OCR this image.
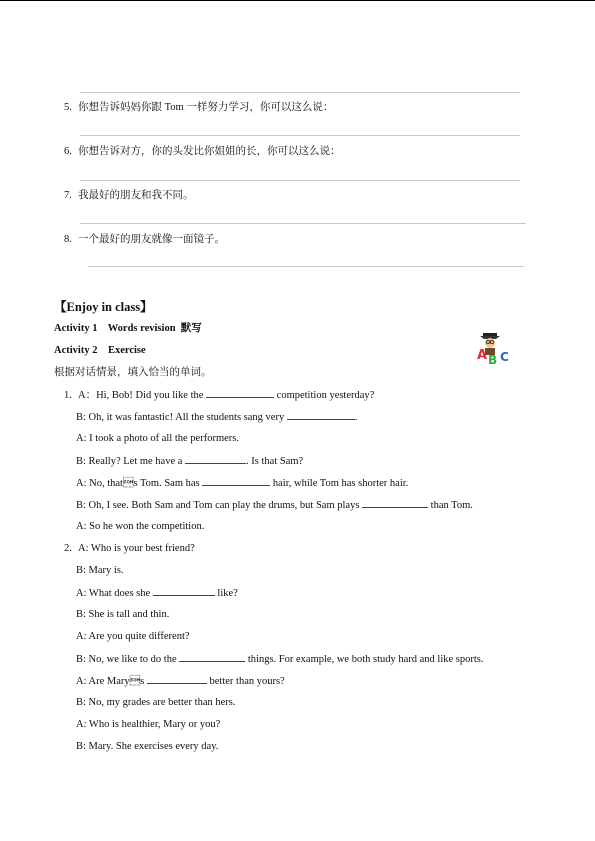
5. 你想告诉妈妈你跟 Tom 一样努力学习，你可以这么说：
6. 你想告诉对方，你的头发比你姐姐的长，你可以这么说：
7. 我最好的朋友和我不同。
8. 一个最好的朋友就像一面镜子。
【Enjoy in class】
Activity 1    Words revision  默写
Activity 2    Exercise
根据对话情景，填入恰当的单词。
A B C
1. A：Hi, Bob! Did you like the	competition yesterday?
B: Oh, it was fantastic! All the students sang very	.
A: I took a photo of all the performers.
B: Really? Let me have a	. Is that Sam?
A: No, thats Tom. Sam has	hair, while Tom has shorter hair.
B: Oh, I see. Both Sam and Tom can play the drums, but Sam plays	than Tom.
A: So he won the competition.
2. A: Who is your best friend?
B: Mary is.
A: What does she	like?
B: She is tall and thin.
A: Are you quite different?
B: No, we like to do the	things. For example, we both study hard and like sports.
A: Are Marys	better than yours?
B: No, my grades are better than hers.
A: Who is healthier, Mary or you?
B: Mary. She exercises every day.
